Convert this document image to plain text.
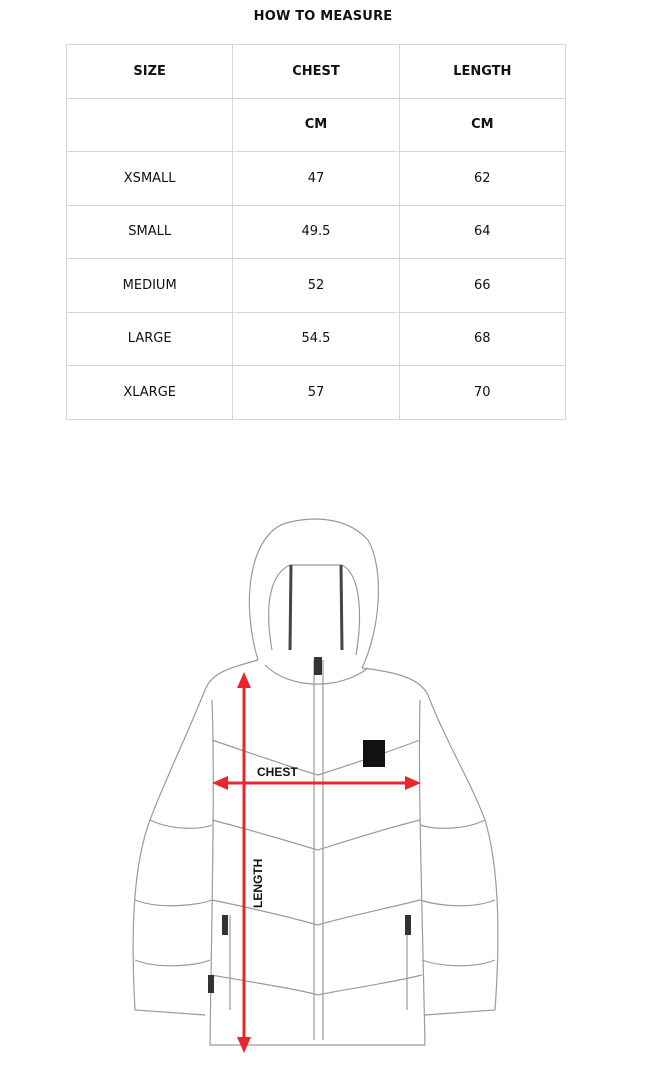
HOW TO MEASURE
SIZE	CHEST	LENGTH
	CM	CM
XSMALL	47	62
SMALL	49.5	64
MEDIUM	52	66
LARGE	54.5	68
XLARGE	57	70
CHEST
LENGTH
